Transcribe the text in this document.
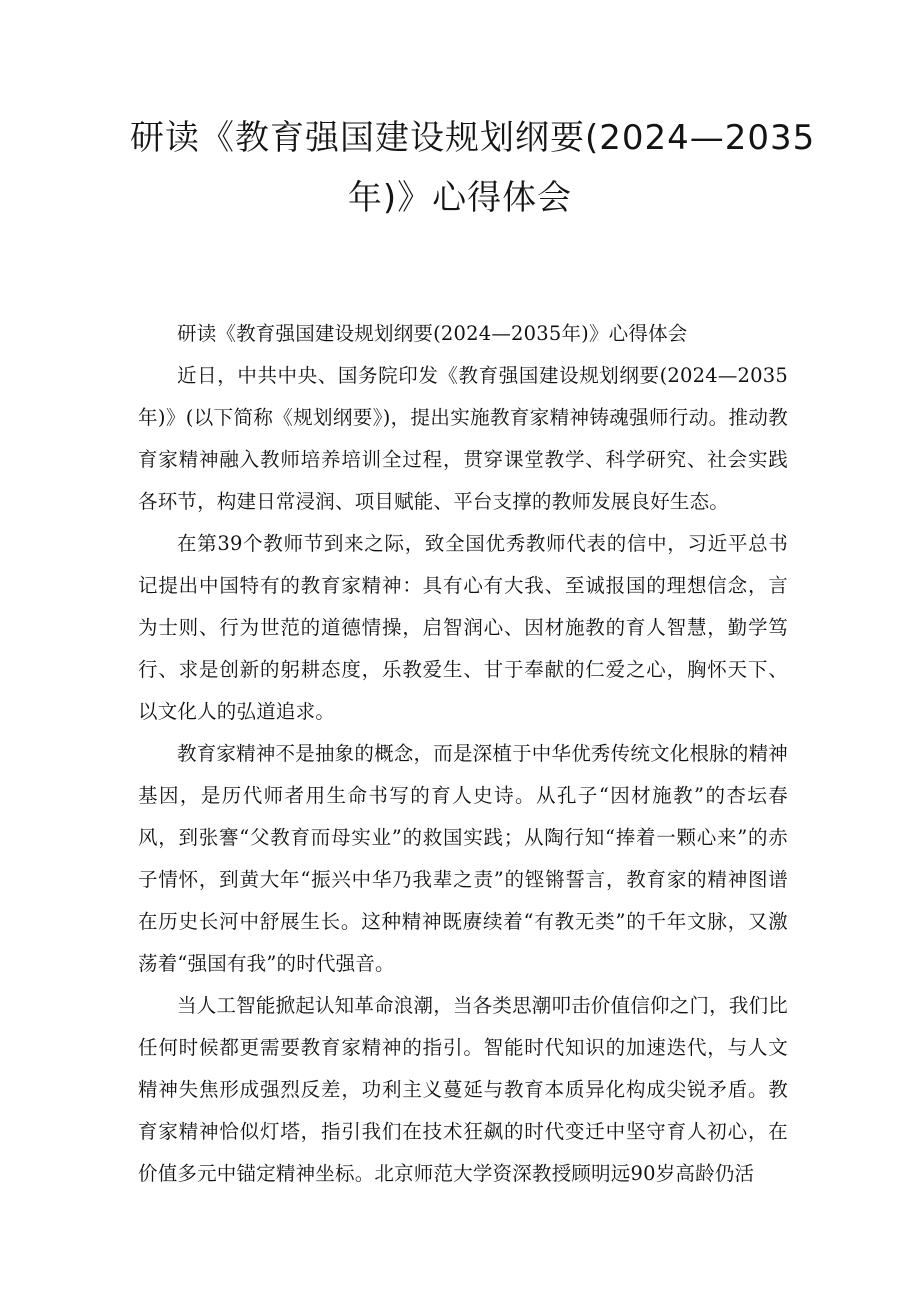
研读《教育强国建设规划纲要(2024—2035
年)》心得体会

研读《教育强国建设规划纲要(2024—2035年)》心得体会

近日，中共中央、国务院印发《教育强国建设规划纲要(2024—2035年)》(以下简称《规划纲要》)，提出实施教育家精神铸魂强师行动。推动教育家精神融入教师培养培训全过程，贯穿课堂教学、科学研究、社会实践各环节，构建日常浸润、项目赋能、平台支撑的教师发展良好生态。

在第39个教师节到来之际，致全国优秀教师代表的信中，习近平总书记提出中国特有的教育家精神：具有心有大我、至诚报国的理想信念，言为士则、行为世范的道德情操，启智润心、因材施教的育人智慧，勤学笃行、求是创新的躬耕态度，乐教爱生、甘于奉献的仁爱之心，胸怀天下、以文化人的弘道追求。

教育家精神不是抽象的概念，而是深植于中华优秀传统文化根脉的精神基因，是历代师者用生命书写的育人史诗。从孔子“因材施教”的杏坛春风，到张謇“父教育而母实业”的救国实践；从陶行知“捧着一颗心来”的赤子情怀，到黄大年“振兴中华乃我辈之责”的铿锵誓言，教育家的精神图谱在历史长河中舒展生长。这种精神既赓续着“有教无类”的千年文脉，又激荡着“强国有我”的时代强音。

当人工智能掀起认知革命浪潮，当各类思潮叩击价值信仰之门，我们比任何时候都更需要教育家精神的指引。智能时代知识的加速迭代，与人文精神失焦形成强烈反差，功利主义蔓延与教育本质异化构成尖锐矛盾。教育家精神恰似灯塔，指引我们在技术狂飙的时代变迁中坚守育人初心，在价值多元中锚定精神坐标。北京师范大学资深教授顾明远90岁高龄仍活
